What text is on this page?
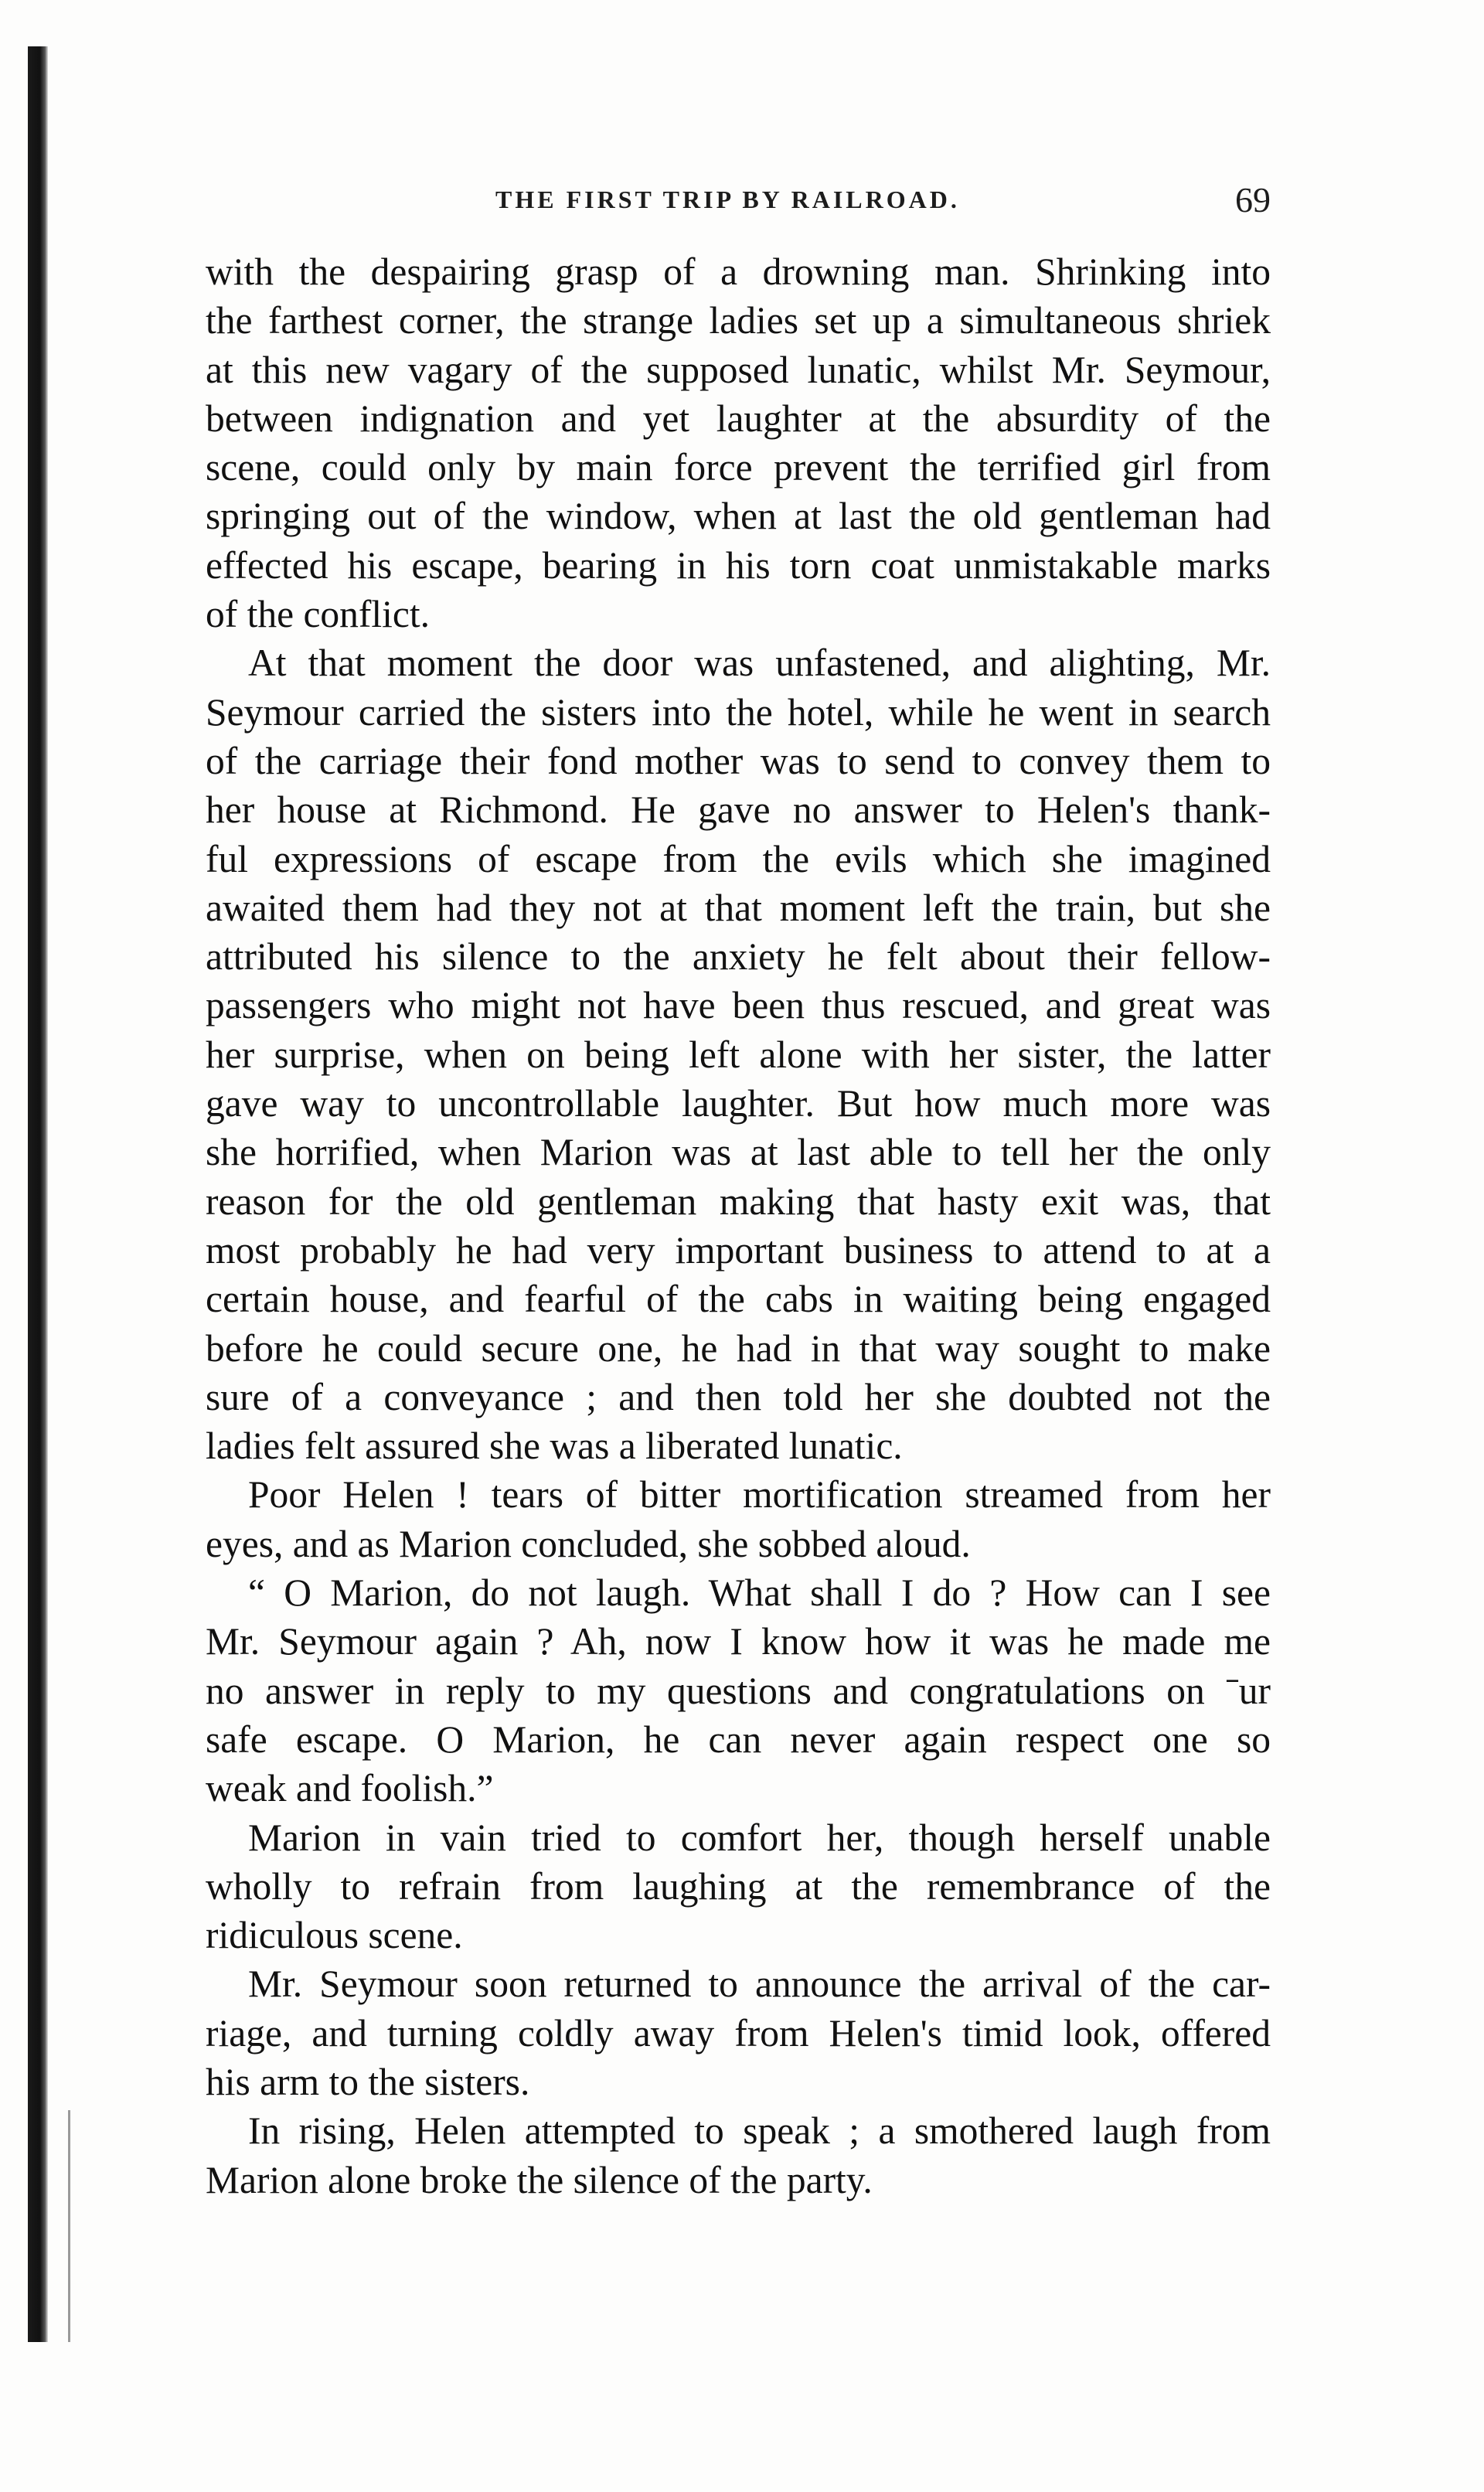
THE FIRST TRIP BY RAILROAD.	69
with the despairing grasp of a drowning man. Shrinking into
the farthest corner, the strange ladies set up a simultaneous shriek
at this new vagary of the supposed lunatic, whilst Mr. Seymour,
between indignation and yet laughter at the absurdity of the
scene, could only by main force prevent the terrified girl from
springing out of the window, when at last the old gentleman had
effected his escape, bearing in his torn coat unmistakable marks
of the conflict.
At that moment the door was unfastened, and alighting, Mr.
Seymour carried the sisters into the hotel, while he went in search
of the carriage their fond mother was to send to convey them to
her house at Richmond. He gave no answer to Helen's thank-
ful expressions of escape from the evils which she imagined
awaited them had they not at that moment left the train, but she
attributed his silence to the anxiety he felt about their fellow-
passengers who might not have been thus rescued, and great was
her surprise, when on being left alone with her sister, the latter
gave way to uncontrollable laughter. But how much more was
she horrified, when Marion was at last able to tell her the only
reason for the old gentleman making that hasty exit was, that
most probably he had very important business to attend to at a
certain house, and fearful of the cabs in waiting being engaged
before he could secure one, he had in that way sought to make
sure of a conveyance ; and then told her she doubted not the
ladies felt assured she was a liberated lunatic.
Poor Helen ! tears of bitter mortification streamed from her
eyes, and as Marion concluded, she sobbed aloud.
“ O Marion, do not laugh. What shall I do ? How can I see
Mr. Seymour again ? Ah, now I know how it was he made me
no answer in reply to my questions and congratulations on ˉur
safe escape. O Marion, he can never again respect one so
weak and foolish.”
Marion in vain tried to comfort her, though herself unable
wholly to refrain from laughing at the remembrance of the
ridiculous scene.
Mr. Seymour soon returned to announce the arrival of the car-
riage, and turning coldly away from Helen's timid look, offered
his arm to the sisters.
In rising, Helen attempted to speak ; a smothered laugh from
Marion alone broke the silence of the party.
